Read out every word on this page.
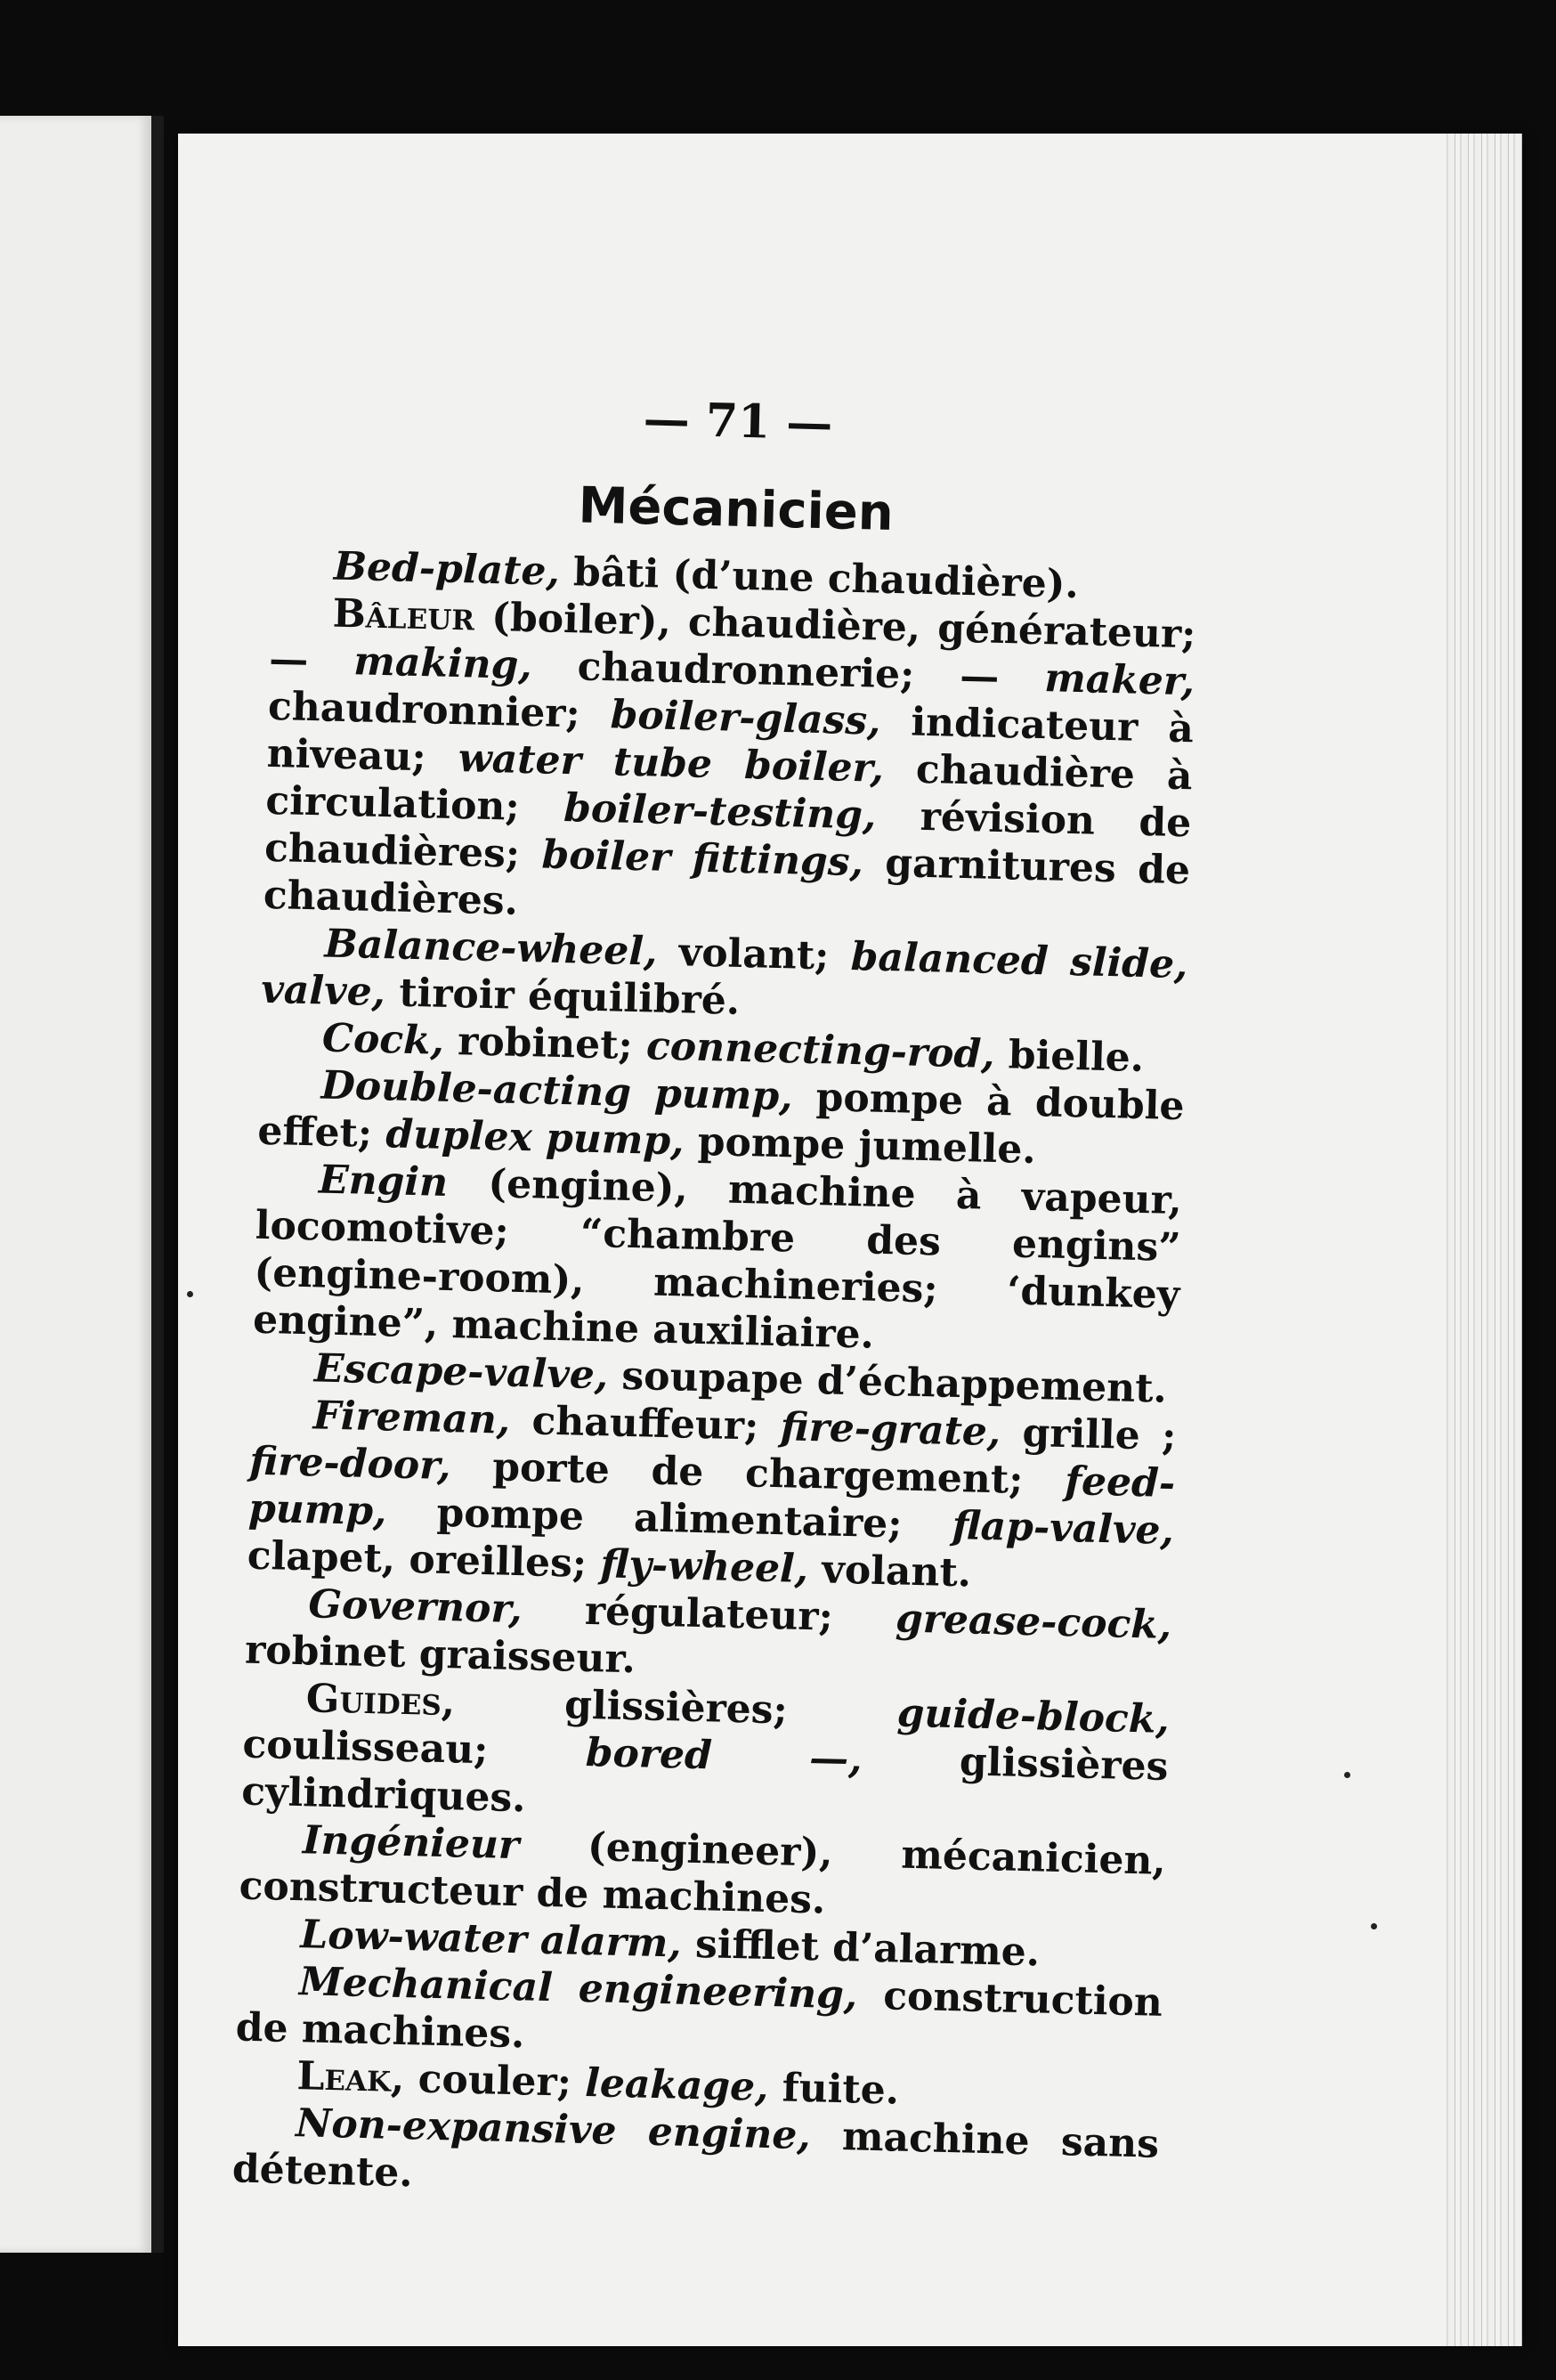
— 71 —
Mécanicien

Bed-plate, bâti (d’une chaudière).

Bâleur (boiler), chaudière, générateur; — making, chaudronnerie; — maker, chaudronnier; boiler-glass, indicateur à niveau; water tube boiler, chaudière à circulation; boiler-testing, révision de chaudières; boiler fittings, garnitures de chaudières.

Balance-wheel, volant; balanced slide, valve, tiroir équilibré.

Cock, robinet; connecting-rod, bielle.

Double-acting pump, pompe à double effet; duplex pump, pompe jumelle.

Engin (engine), machine à vapeur, locomotive; “chambre des engins” (engine-room), machineries; ‘dunkey engine”, machine auxiliaire.

Escape-valve, soupape d’échappement.

Fireman, chauffeur; fire-grate, grille ; fire-door, porte de chargement; feed-pump, pompe alimentaire; flap-valve, clapet, oreilles; fly-wheel, volant.

Governor, régulateur; grease-cock, robinet graisseur.

Guides, glissières; guide-block, coulisseau; bored —, glissières cylindriques.

Ingénieur (engineer), mécanicien, constructeur de machines.

Low-water alarm, sifflet d’alarme.

Mechanical engineering, construction de machines.

Leak, couler; leakage, fuite.

Non-expansive engine, machine sans détente.
